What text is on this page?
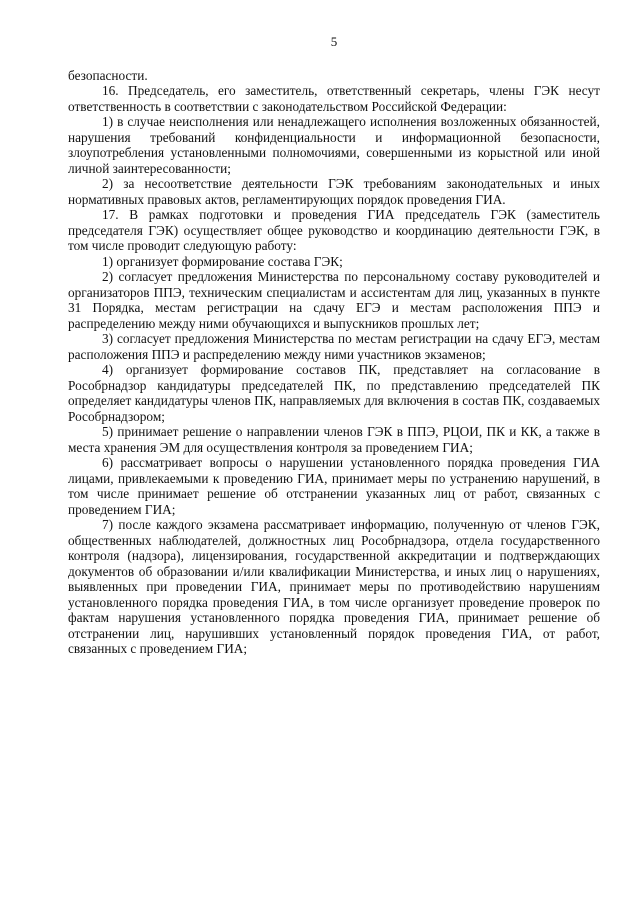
5

безопасности.

16. Председатель, его заместитель, ответственный секретарь, члены ГЭК несут ответственность в соответствии с законодательством Российской Федерации:

1) в случае неисполнения или ненадлежащего исполнения возложенных обязанностей, нарушения требований конфиденциальности и информационной безопасности, злоупотребления установленными полномочиями, совершенными из корыстной или иной личной заинтересованности;

2) за несоответствие деятельности ГЭК требованиям законодательных и иных нормативных правовых актов, регламентирующих порядок проведения ГИА.

17. В рамках подготовки и проведения ГИА председатель ГЭК (заместитель председателя ГЭК) осуществляет общее руководство и координацию деятельности ГЭК, в том числе проводит следующую работу:

1) организует формирование состава ГЭК;

2) согласует предложения Министерства по персональному составу руководителей и организаторов ППЭ, техническим специалистам и ассистентам для лиц, указанных в пункте 31 Порядка, местам регистрации на сдачу ЕГЭ и местам расположения ППЭ и распределению между ними обучающихся и выпускников прошлых лет;

3) согласует предложения Министерства по местам регистрации на сдачу ЕГЭ, местам расположения ППЭ и распределению между ними участников экзаменов;

4) организует формирование составов ПК, представляет на согласование в Рособрнадзор кандидатуры председателей ПК, по представлению председателей ПК определяет кандидатуры членов ПК, направляемых для включения в состав ПК, создаваемых Рособрнадзором;

5) принимает решение о направлении членов ГЭК в ППЭ, РЦОИ, ПК и КК, а также в места хранения ЭМ для осуществления контроля за проведением ГИА;

6) рассматривает вопросы о нарушении установленного порядка проведения ГИА лицами, привлекаемыми к проведению ГИА, принимает меры по устранению нарушений, в том числе принимает решение об отстранении указанных лиц от работ, связанных с проведением ГИА;

7) после каждого экзамена рассматривает информацию, полученную от членов ГЭК, общественных наблюдателей, должностных лиц Рособрнадзора, отдела государственного контроля (надзора), лицензирования, государственной аккредитации и подтверждающих документов об образовании и/или квалификации Министерства, и иных лиц о нарушениях, выявленных при проведении ГИА, принимает меры по противодействию нарушениям установленного порядка проведения ГИА, в том числе организует проведение проверок по фактам нарушения установленного порядка проведения ГИА, принимает решение об отстранении лиц, нарушивших установленный порядок проведения ГИА, от работ, связанных с проведением ГИА;
